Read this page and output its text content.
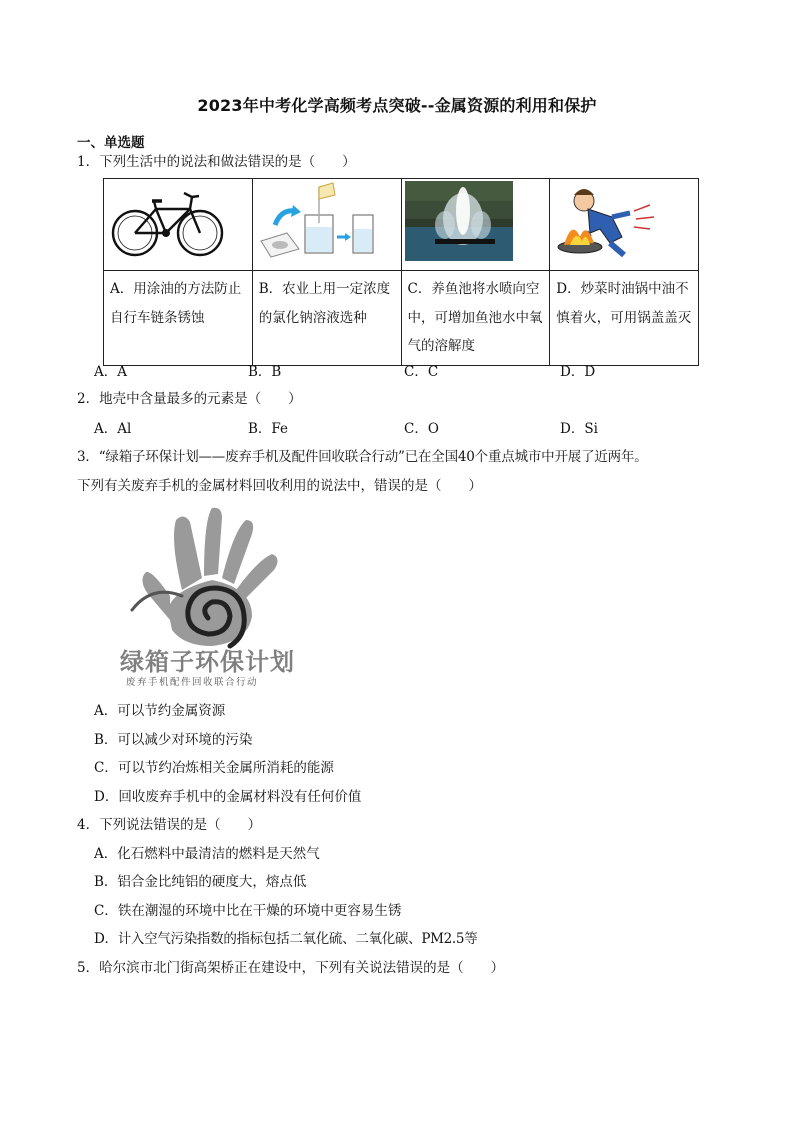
2023年中考化学高频考点突破--金属资源的利用和保护
一、单选题
1．下列生活中的说法和做法错误的是（　　）

A．用涂油的方法防止自行车链条锈蚀	B．农业上用一定浓度的氯化钠溶液选种	C．养鱼池将水喷向空中，可增加鱼池水中氧气的溶解度	D．炒菜时油锅中油不慎着火，可用锅盖盖灭
A．A	B．B	C．C	D．D
2．地壳中含量最多的元素是（　　）
A．Al	B．Fe	C．O	D．Si
3．“绿箱子环保计划——废弃手机及配件回收联合行动”已在全国40个重点城市中开展了近两年。
下列有关废弃手机的金属材料回收利用的说法中，错误的是（　　）
绿箱子环保计划
废弃手机配件回收联合行动
A．可以节约金属资源
B．可以减少对环境的污染
C．可以节约冶炼相关金属所消耗的能源
D．回收废弃手机中的金属材料没有任何价值
4．下列说法错误的是（　　）
A．化石燃料中最清洁的燃料是天然气
B．铝合金比纯铝的硬度大，熔点低
C．铁在潮湿的环境中比在干燥的环境中更容易生锈
D．计入空气污染指数的指标包括二氧化硫、二氧化碳、PM2.5等
5．哈尔滨市北门街高架桥正在建设中，下列有关说法错误的是（　　）
